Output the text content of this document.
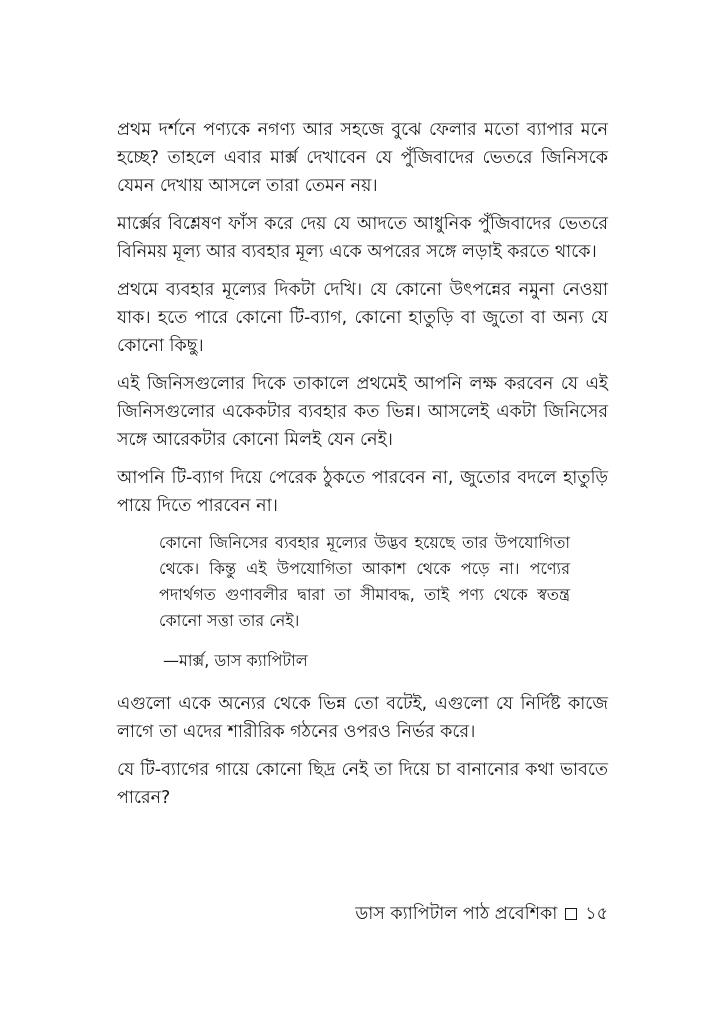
প্রথম দর্শনে পণ্যকে নগণ্য আর সহজে বুঝে ফেলার মতো ব্যাপার মনে হচ্ছে? তাহলে এবার মার্ক্স দেখাবেন যে পুঁজিবাদের ভেতরে জিনিসকে যেমন দেখায় আসলে তারা তেমন নয়।

মার্ক্সের বিশ্লেষণ ফাঁস করে দেয় যে আদতে আধুনিক পুঁজিবাদের ভেতরে বিনিময় মূল্য আর ব্যবহার মূল্য একে অপরের সঙ্গে লড়াই করতে থাকে।

প্রথমে ব্যবহার মূল্যের দিকটা দেখি। যে কোনো উৎপন্নের নমুনা নেওয়া যাক। হতে পারে কোনো টি-ব্যাগ, কোনো হাতুড়ি বা জুতো বা অন্য যে কোনো কিছু।

এই জিনিসগুলোর দিকে তাকালে প্রথমেই আপনি লক্ষ করবেন যে এই জিনিসগুলোর একেকটার ব্যবহার কত ভিন্ন। আসলেই একটা জিনিসের সঙ্গে আরেকটার কোনো মিলই যেন নেই।

আপনি টি-ব্যাগ দিয়ে পেরেক ঠুকতে পারবেন না, জুতোর বদলে হাতুড়ি পায়ে দিতে পারবেন না।

কোনো জিনিসের ব্যবহার মূল্যের উদ্ভব হয়েছে তার উপযোগিতা থেকে। কিন্তু এই উপযোগিতা আকাশ থেকে পড়ে না। পণ্যের পদার্থগত গুণাবলীর দ্বারা তা সীমাবদ্ধ, তাই পণ্য থেকে স্বতন্ত্র কোনো সত্তা তার নেই।

—মার্ক্স, ডাস ক্যাপিটাল

এগুলো একে অন্যের থেকে ভিন্ন তো বটেই, এগুলো যে নির্দিষ্ট কাজে লাগে তা এদের শারীরিক গঠনের ওপরও নির্ভর করে।

যে টি-ব্যাগের গায়ে কোনো ছিদ্র নেই তা দিয়ে চা বানানোর কথা ভাবতে পারেন?

ডাস ক্যাপিটাল পাঠ প্রবেশিকা ১৫
